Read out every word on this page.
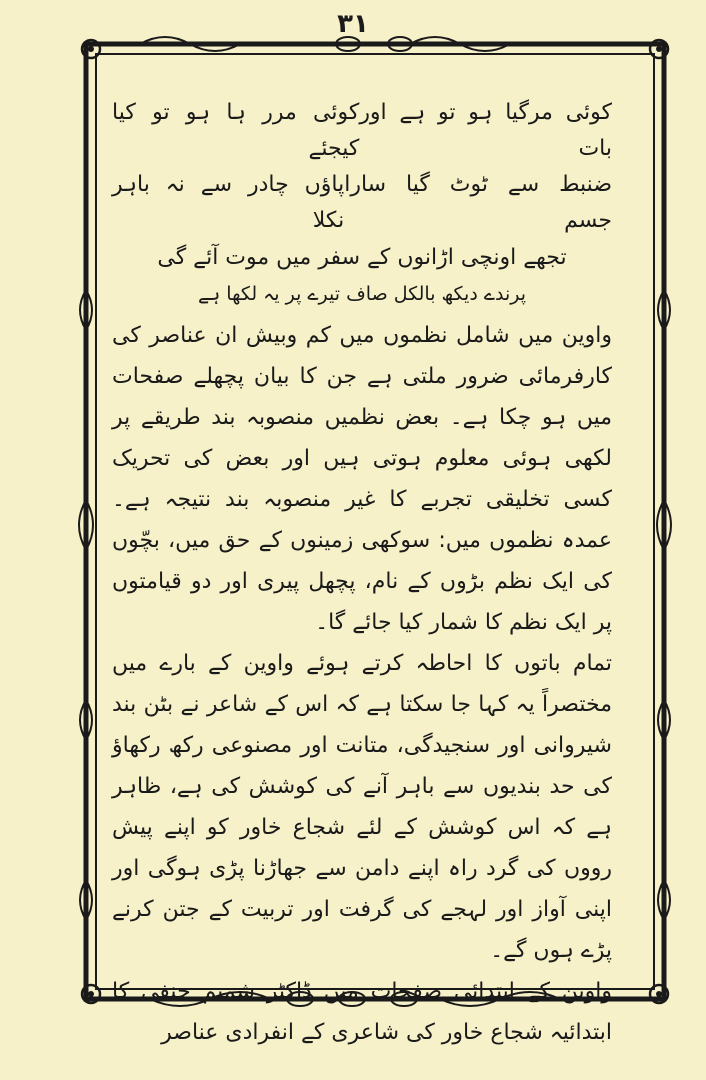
۳۱
کوئی مرگیا ہو تو ہے اور بات
کوئی مرر ہا ہو تو کیا کیجئے
ضنبط سے ٹوٹ گیا سارا جسم
پاؤں چادر سے نہ باہر نکلا
تجھے اونچی اڑانوں کے سفر میں موت آئے گی
پرندے دیکھ بالکل صاف تیرے پر یہ لکھا ہے

واوین میں شامل نظموں میں کم وبیش ان عناصر کی کارفرمائی ضرور ملتی ہے جن کا بیان پچھلے صفحات میں ہو چکا ہے۔ بعض نظمیں منصوبہ بند طریقے پر لکھی ہوئی معلوم ہوتی ہیں اور بعض کی تحریک کسی تخلیقی تجربے کا غیر منصوبہ بند نتیجہ ہے۔ عمدہ نظموں میں: سوکھی زمینوں کے حق میں، بچّوں کی ایک نظم بڑوں کے نام، پچھل پیری اور دو قیامتوں پر ایک نظم کا شمار کیا جائے گا۔

تمام باتوں کا احاطہ کرتے ہوئے واوین کے بارے میں مختصراً یہ کہا جا سکتا ہے کہ اس کے شاعر نے بٹن بند شیروانی اور سنجیدگی، متانت اور مصنوعی رکھ رکھاؤ کی حد بندیوں سے باہر آنے کی کوشش کی ہے، ظاہر ہے کہ اس کوشش کے لئے شجاع خاور کو اپنے پیش رووں کی گرد راہ اپنے دامن سے جھاڑنا پڑی ہوگی اور اپنی آواز اور لہجے کی گرفت اور تربیت کے جتن کرنے پڑے ہوں گے۔

واوین کے ابتدائی صفحات میں ڈاکٹر شمیم حنفی کا ابتدائیہ شجاع خاور کی شاعری کے انفرادی عناصر
